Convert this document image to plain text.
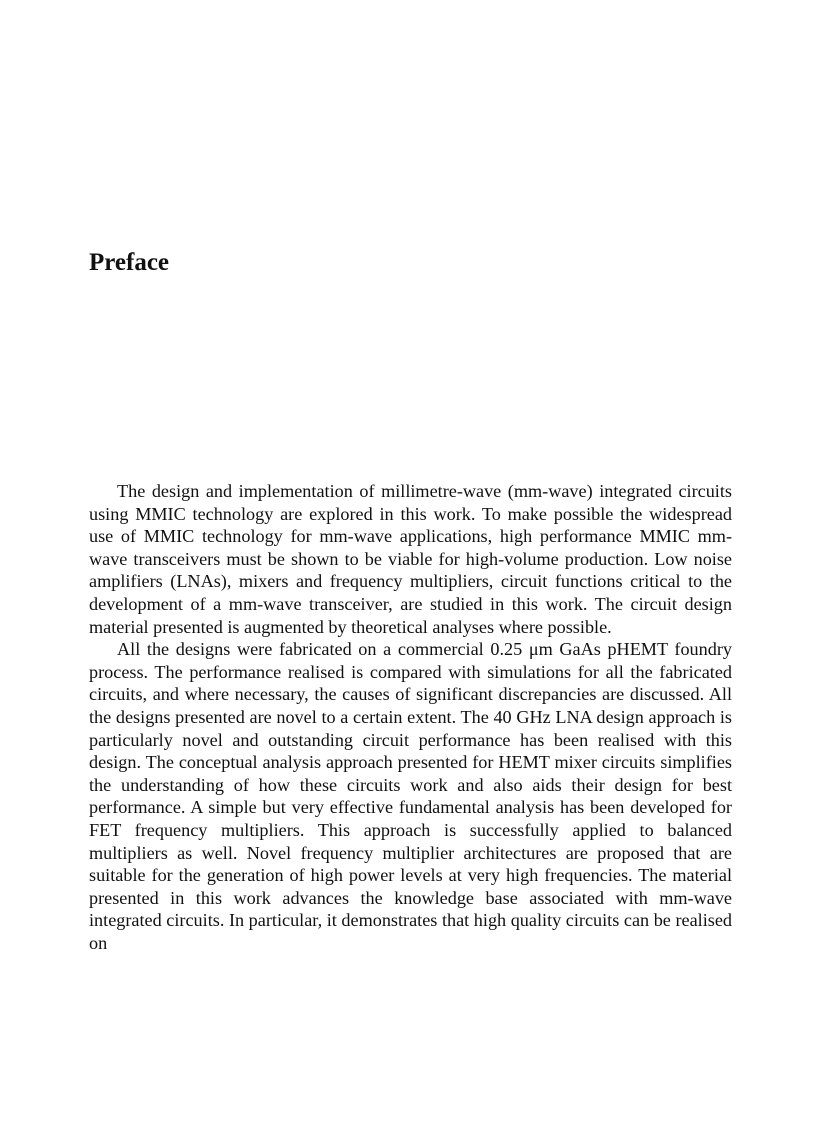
Preface

The design and implementation of millimetre-wave (mm-wave) integrated circuits using MMIC technology are explored in this work. To make possible the widespread use of MMIC technology for mm-wave applications, high performance MMIC mm-wave transceivers must be shown to be viable for high-volume production. Low noise amplifiers (LNAs), mixers and frequency multipliers, circuit functions critical to the development of a mm-wave transceiver, are studied in this work. The circuit design material presented is augmented by theoretical analyses where possible.

All the designs were fabricated on a commercial 0.25 μm GaAs pHEMT foundry process. The performance realised is compared with simulations for all the fabricated circuits, and where necessary, the causes of significant discrepancies are discussed. All the designs presented are novel to a certain extent. The 40 GHz LNA design approach is particularly novel and outstanding circuit performance has been realised with this design. The conceptual analysis approach presented for HEMT mixer circuits simplifies the understanding of how these circuits work and also aids their design for best performance. A simple but very effective fundamental analysis has been developed for FET frequency multipliers. This approach is successfully applied to balanced multipliers as well. Novel frequency multiplier architectures are proposed that are suitable for the generation of high power levels at very high frequencies. The material presented in this work advances the knowledge base associated with mm-wave integrated circuits. In particular, it demonstrates that high quality circuits can be realised on
